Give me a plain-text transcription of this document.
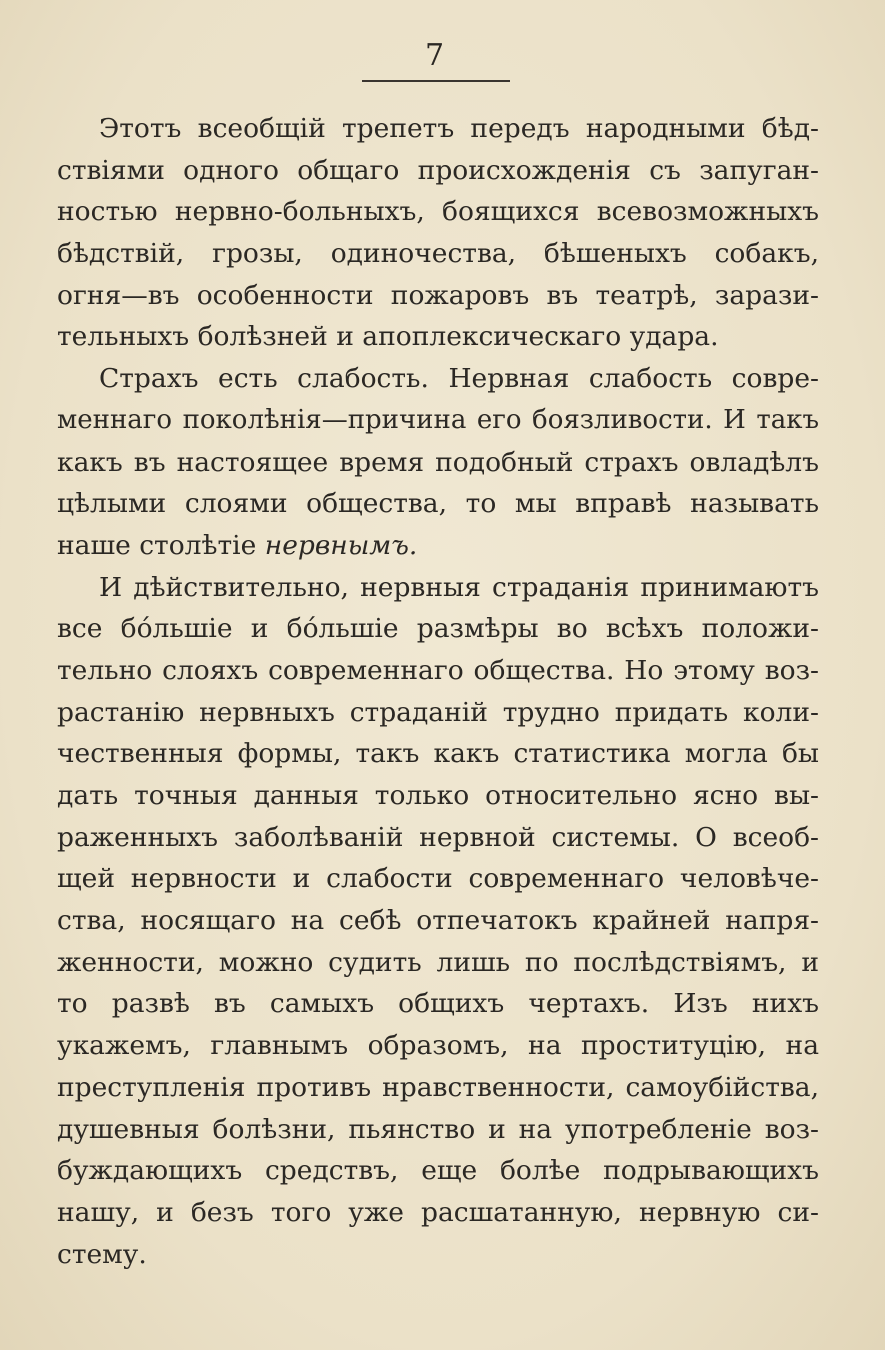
7
Этотъ всеобщій трепетъ передъ народными бѣд-
ствіями одного общаго происхожденія съ запуган-
ностью нервно-больныхъ, боящихся всевозможныхъ
бѣдствій, грозы, одиночества, бѣшеныхъ собакъ,
огня—въ особенности пожаровъ въ театрѣ, зарази-
тельныхъ болѣзней и апоплексическаго удара.
Страхъ есть слабость. Нервная слабость совре-
меннаго поколѣнія—причина его боязливости. И такъ
какъ въ настоящее время подобный страхъ овладѣлъ
цѣлыми слоями общества, то мы вправѣ называть
наше столѣтіе нервнымъ.
И дѣйствительно, нервныя страданія принимаютъ
все бóльшіе и бóльшіе размѣры во всѣхъ положи-
тельно слояхъ современнаго общества. Но этому воз-
растанію нервныхъ страданій трудно придать коли-
чественныя формы, такъ какъ статистика могла бы
дать точныя данныя только относительно ясно вы-
раженныхъ заболѣваній нервной системы. О всеоб-
щей нервности и слабости современнаго человѣче-
ства, носящаго на себѣ отпечатокъ крайней напря-
женности, можно судить лишь по послѣдствіямъ, и
то развѣ въ самыхъ общихъ чертахъ. Изъ нихъ
укажемъ, главнымъ образомъ, на проституцію, на
преступленія противъ нравственности, самоубійства,
душевныя болѣзни, пьянство и на употребленіе воз-
буждающихъ средствъ, еще болѣе подрывающихъ
нашу, и безъ того уже расшатанную, нервную си-
стему.
